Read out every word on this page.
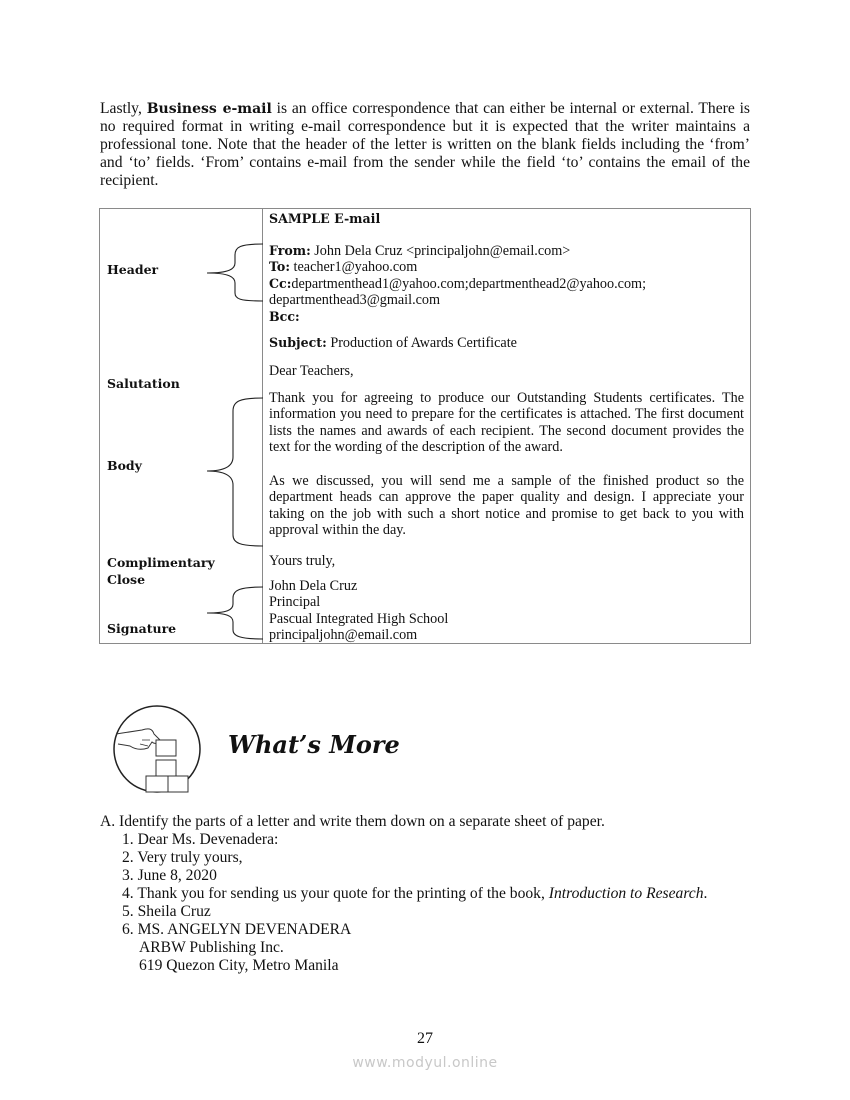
Lastly, Business e-mail is an office correspondence that can either be internal or external. There is no required format in writing e-mail correspondence but it is expected that the writer maintains a professional tone. Note that the header of the letter is written on the blank fields including the ‘from’ and ‘to’ fields. ‘From’ contains e-mail from the sender while the field ‘to’ contains the email of the recipient.
Header
Salutation
Body
Complimentary
Close
Signature
SAMPLE E-mail
From: John Dela Cruz <principaljohn@email.com>
To: teacher1@yahoo.com
Cc:departmenthead1@yahoo.com;departmenthead2@yahoo.com;
departmenthead3@gmail.com
Bcc:
Subject: Production of Awards Certificate
Dear Teachers,
Thank you for agreeing to produce our Outstanding Students certificates. The information you need to prepare for the certificates is attached. The first document lists the names and awards of each recipient. The second document provides the text for the wording of the description of the award.
As we discussed, you will send me a sample of the finished product so the department heads can approve the paper quality and design. I appreciate your taking on the job with such a short notice and promise to get back to you with approval within the day.
Yours truly,
John Dela Cruz
Principal
Pascual Integrated High School
principaljohn@email.com
What’s More
A. Identify the parts of a letter and write them down on a separate sheet of paper.
1. Dear Ms. Devenadera:
2. Very truly yours,
3. June 8, 2020
4. Thank you for sending us your quote for the printing of the book, Introduction to Research.
5. Sheila Cruz
6. MS. ANGELYN DEVENADERA
ARBW Publishing Inc.
619 Quezon City, Metro Manila
27
www.modyul.online
